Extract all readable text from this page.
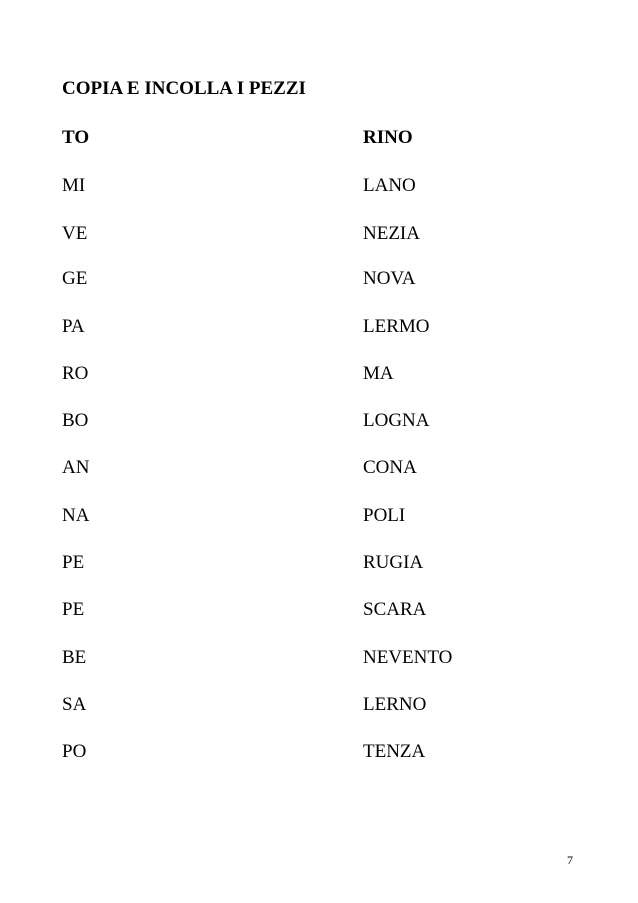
COPIA E INCOLLA I PEZZI
TO	RINO
MI	LANO
VE	NEZIA
GE	NOVA
PA	LERMO
RO	MA
BO	LOGNA
AN	CONA
NA	POLI
PE	RUGIA
PE	SCARA
BE	NEVENTO
SA	LERNO
PO	TENZA
7
